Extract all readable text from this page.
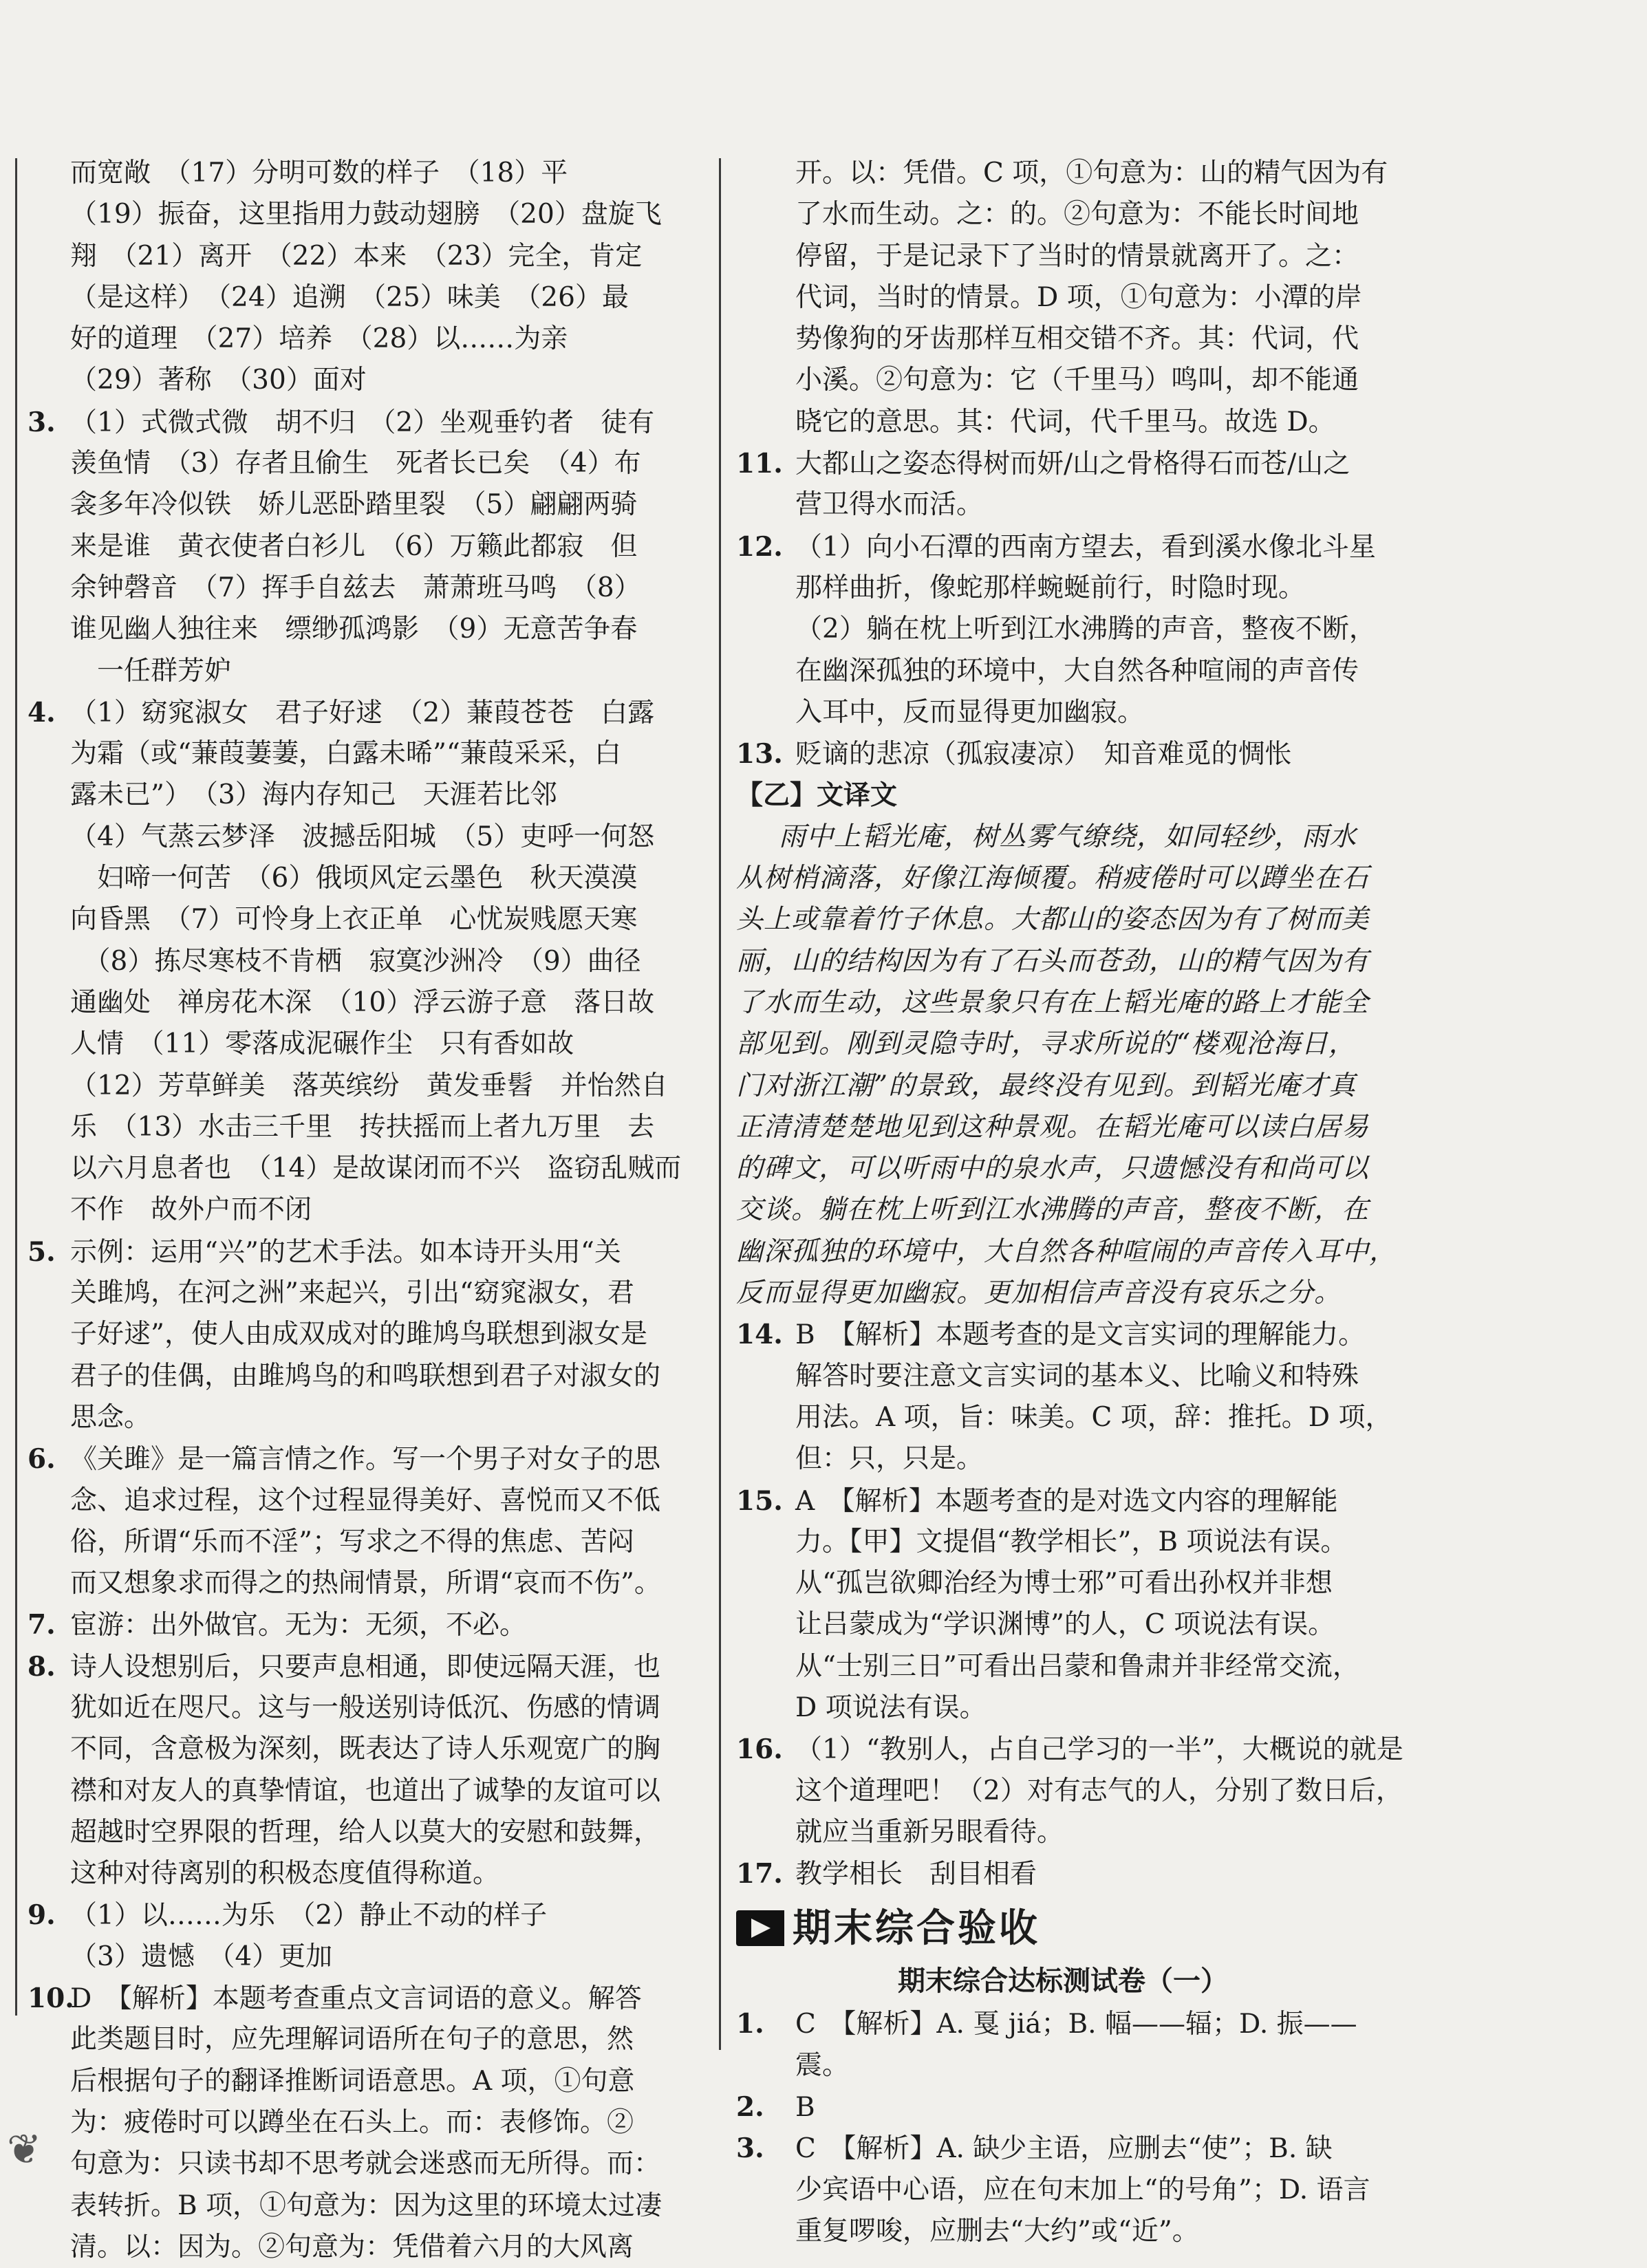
而宽敞　（17）分明可数的样子　（18）平
（19）振奋，这里指用力鼓动翅膀　（20）盘旋飞
翔　（21）离开　（22）本来　（23）完全，肯定
（是这样）　（24）追溯　（25）味美　（26）最
好的道理　（27）培养　（28）以……为亲
（29）著称　（30）面对
3. （1）式微式微　胡不归　（2）坐观垂钓者　徒有
羡鱼情　（3）存者且偷生　死者长已矣　（4）布
衾多年冷似铁　娇儿恶卧踏里裂　（5）翩翩两骑
来是谁　黄衣使者白衫儿　（6）万籁此都寂　但
余钟磬音　（7）挥手自兹去　萧萧班马鸣　（8）
谁见幽人独往来　缥缈孤鸿影　（9）无意苦争春
　一任群芳妒
4. （1）窈窕淑女　君子好逑　（2）蒹葭苍苍　白露
为霜（或“蒹葭萋萋，白露未晞”“蒹葭采采，白
露未已”）　（3）海内存知己　天涯若比邻
（4）气蒸云梦泽　波撼岳阳城　（5）吏呼一何怒
　妇啼一何苦　（6）俄顷风定云墨色　秋天漠漠
向昏黑　（7）可怜身上衣正单　心忧炭贱愿天寒
　（8）拣尽寒枝不肯栖　寂寞沙洲冷　（9）曲径
通幽处　禅房花木深　（10）浮云游子意　落日故
人情　（11）零落成泥碾作尘　只有香如故
（12）芳草鲜美　落英缤纷　黄发垂髫　并怡然自
乐　（13）水击三千里　抟扶摇而上者九万里　去
以六月息者也　（14）是故谋闭而不兴　盗窃乱贼而
不作　故外户而不闭
5. 示例：运用“兴”的艺术手法。如本诗开头用“关
关雎鸠，在河之洲”来起兴，引出“窈窕淑女，君
子好逑”，使人由成双成对的雎鸠鸟联想到淑女是
君子的佳偶，由雎鸠鸟的和鸣联想到君子对淑女的
思念。
6. 《关雎》是一篇言情之作。写一个男子对女子的思
念、追求过程，这个过程显得美好、喜悦而又不低
俗，所谓“乐而不淫”；写求之不得的焦虑、苦闷
而又想象求而得之的热闹情景，所谓“哀而不伤”。
7. 宦游：出外做官。无为：无须，不必。
8. 诗人设想别后，只要声息相通，即使远隔天涯，也
犹如近在咫尺。这与一般送别诗低沉、伤感的情调
不同，含意极为深刻，既表达了诗人乐观宽广的胸
襟和对友人的真挚情谊，也道出了诚挚的友谊可以
超越时空界限的哲理，给人以莫大的安慰和鼓舞，
这种对待离别的积极态度值得称道。
9. （1）以……为乐　（2）静止不动的样子
（3）遗憾　（4）更加
10.D　【解析】本题考查重点文言词语的意义。解答
此类题目时，应先理解词语所在句子的意思，然
后根据句子的翻译推断词语意思。A 项，①句意
为：疲倦时可以蹲坐在石头上。而：表修饰。②
句意为：只读书却不思考就会迷惑而无所得。而：
表转折。B 项，①句意为：因为这里的环境太过凄
清。以：因为。②句意为：凭借着六月的大风离
开。以：凭借。C 项，①句意为：山的精气因为有
了水而生动。之：的。②句意为：不能长时间地
停留，于是记录下了当时的情景就离开了。之：
代词，当时的情景。D 项，①句意为：小潭的岸
势像狗的牙齿那样互相交错不齐。其：代词，代
小溪。②句意为：它（千里马）鸣叫，却不能通
晓它的意思。其：代词，代千里马。故选 D。
11. 大都山之姿态得树而妍/山之骨格得石而苍/山之
营卫得水而活。
12. （1）向小石潭的西南方望去，看到溪水像北斗星
那样曲折，像蛇那样蜿蜒前行，时隐时现。
（2）躺在枕上听到江水沸腾的声音，整夜不断，
在幽深孤独的环境中，大自然各种喧闹的声音传
入耳中，反而显得更加幽寂。
13. 贬谪的悲凉（孤寂凄凉）　知音难觅的惆怅
【乙】文译文
雨中上韬光庵，树丛雾气缭绕，如同轻纱，雨水
从树梢滴落，好像江海倾覆。稍疲倦时可以蹲坐在石
头上或靠着竹子休息。大都山的姿态因为有了树而美
丽，山的结构因为有了石头而苍劲，山的精气因为有
了水而生动，这些景象只有在上韬光庵的路上才能全
部见到。刚到灵隐寺时，寻求所说的“楼观沧海日，
门对浙江潮”的景致，最终没有见到。到韬光庵才真
正清清楚楚地见到这种景观。在韬光庵可以读白居易
的碑文，可以听雨中的泉水声，只遗憾没有和尚可以
交谈。躺在枕上听到江水沸腾的声音，整夜不断，在
幽深孤独的环境中，大自然各种喧闹的声音传入耳中，
反而显得更加幽寂。更加相信声音没有哀乐之分。
14. B　【解析】本题考查的是文言实词的理解能力。
解答时要注意文言实词的基本义、比喻义和特殊
用法。A 项，旨：味美。C 项，辞：推托。D 项，
但：只，只是。
15. A　【解析】本题考查的是对选文内容的理解能
力。【甲】文提倡“教学相长”，B 项说法有误。
从“孤岂欲卿治经为博士邪”可看出孙权并非想
让吕蒙成为“学识渊博”的人，C 项说法有误。
从“士别三日”可看出吕蒙和鲁肃并非经常交流，
D 项说法有误。
16. （1）“教别人，占自己学习的一半”，大概说的就是
这个道理吧！（2）对有志气的人，分别了数日后，
就应当重新另眼看待。
17. 教学相长　刮目相看
期末综合验收
期末综合达标测试卷（一）
1. C　【解析】A. 戛 jiá；B. 幅——辐；D. 振——
震。
2. B
3. C　【解析】A. 缺少主语，应删去“使”；B. 缺
少宾语中心语，应在句末加上“的号角”；D. 语言
重复啰唆，应删去“大约”或“近”。
❦
